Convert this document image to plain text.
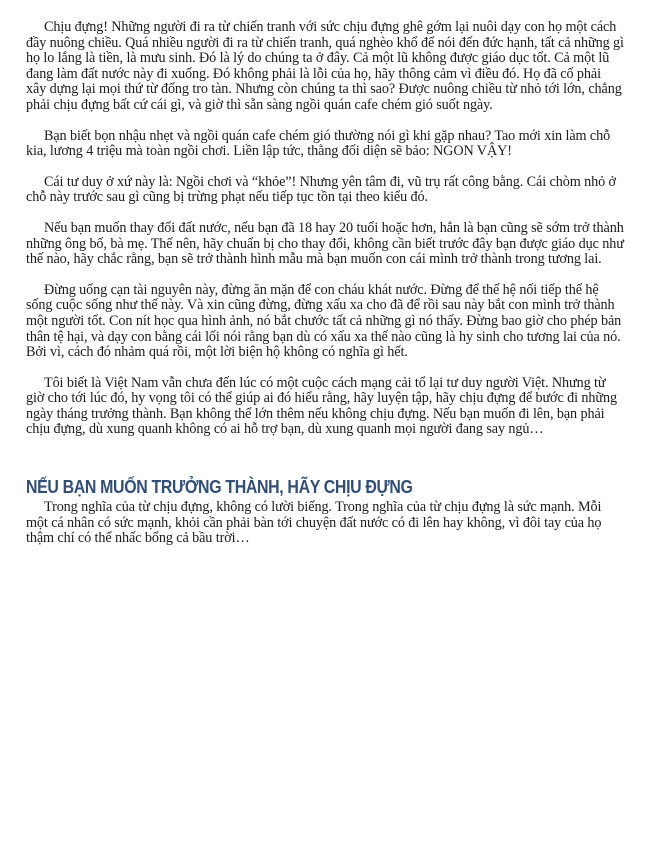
Chịu đựng! Những người đi ra từ chiến tranh với sức chịu đựng ghê gớm lại nuôi dạy con họ một cách đầy nuông chiều. Quá nhiều người đi ra từ chiến tranh, quá nghèo khổ để nói đến đức hạnh, tất cả những gì họ lo lắng là tiền, là mưu sinh. Đó là lý do chúng ta ở đây. Cả một lũ không được giáo dục tốt. Cả một lũ đang làm đất nước này đi xuống. Đó không phải là lỗi của họ, hãy thông cảm vì điều đó. Họ đã cố phải xây dựng lại mọi thứ từ đống tro tàn. Nhưng còn chúng ta thì sao? Được nuông chiều từ nhỏ tới lớn, chẳng phải chịu đựng bất cứ cái gì, và giờ thì sẵn sàng ngồi quán cafe chém gió suốt ngày.

Bạn biết bọn nhậu nhẹt và ngồi quán cafe chém gió thường nói gì khi gặp nhau? Tao mới xin làm chỗ kia, lương 4 triệu mà toàn ngồi chơi. Liền lập tức, thằng đối diện sẽ bảo: NGON VẬY!

Cái tư duy ở xứ này là: Ngồi chơi và “khỏe”! Nhưng yên tâm đi, vũ trụ rất công bằng. Cái chòm nhỏ ở chỗ này trước sau gì cũng bị trừng phạt nếu tiếp tục tồn tại theo kiểu đó.

Nếu bạn muốn thay đổi đất nước, nếu bạn đã 18 hay 20 tuổi hoặc hơn, hẳn là bạn cũng sẽ sớm trở thành những ông bố, bà mẹ. Thế nên, hãy chuẩn bị cho thay đổi, không cần biết trước đây bạn được giáo dục như thế nào, hãy chắc rằng, bạn sẽ trở thành hình mẫu mà bạn muốn con cái mình trở thành trong tương lai.

Đừng uống cạn tài nguyên này, đừng ăn mặn để con cháu khát nước. Đừng để thế hệ nối tiếp thế hệ sống cuộc sống như thế này. Và xin cũng đừng, đừng xấu xa cho đã để rồi sau này bắt con mình trở thành một người tốt. Con nít học qua hình ảnh, nó bắt chước tất cả những gì nó thấy. Đừng bao giờ cho phép bản thân tệ hại, và dạy con bằng cái lối nói rằng bạn dù có xấu xa thế nào cũng là hy sinh cho tương lai của nó. Bởi vì, cách đó nhảm quá rồi, một lời biện hộ không có nghĩa gì hết.

Tôi biết là Việt Nam vẫn chưa đến lúc có một cuộc cách mạng cải tổ lại tư duy người Việt. Nhưng từ giờ cho tới lúc đó, hy vọng tôi có thể giúp ai đó hiểu rằng, hãy luyện tập, hãy chịu đựng để bước đi những ngày tháng trưởng thành. Bạn không thể lớn thêm nếu không chịu đựng. Nếu bạn muốn đi lên, bạn phải chịu đựng, dù xung quanh không có ai hỗ trợ bạn, dù xung quanh mọi người đang say ngủ…

NẾU BẠN MUỐN TRƯỞNG THÀNH, HÃY CHỊU ĐỰNG

Trong nghĩa của từ chịu đựng, không có lười biếng. Trong nghĩa của từ chịu đựng là sức mạnh. Mỗi một cá nhân có sức mạnh, khỏi cần phải bàn tới chuyện đất nước có đi lên hay không, vì đôi tay của họ thậm chí có thể nhấc bổng cả bầu trời…
